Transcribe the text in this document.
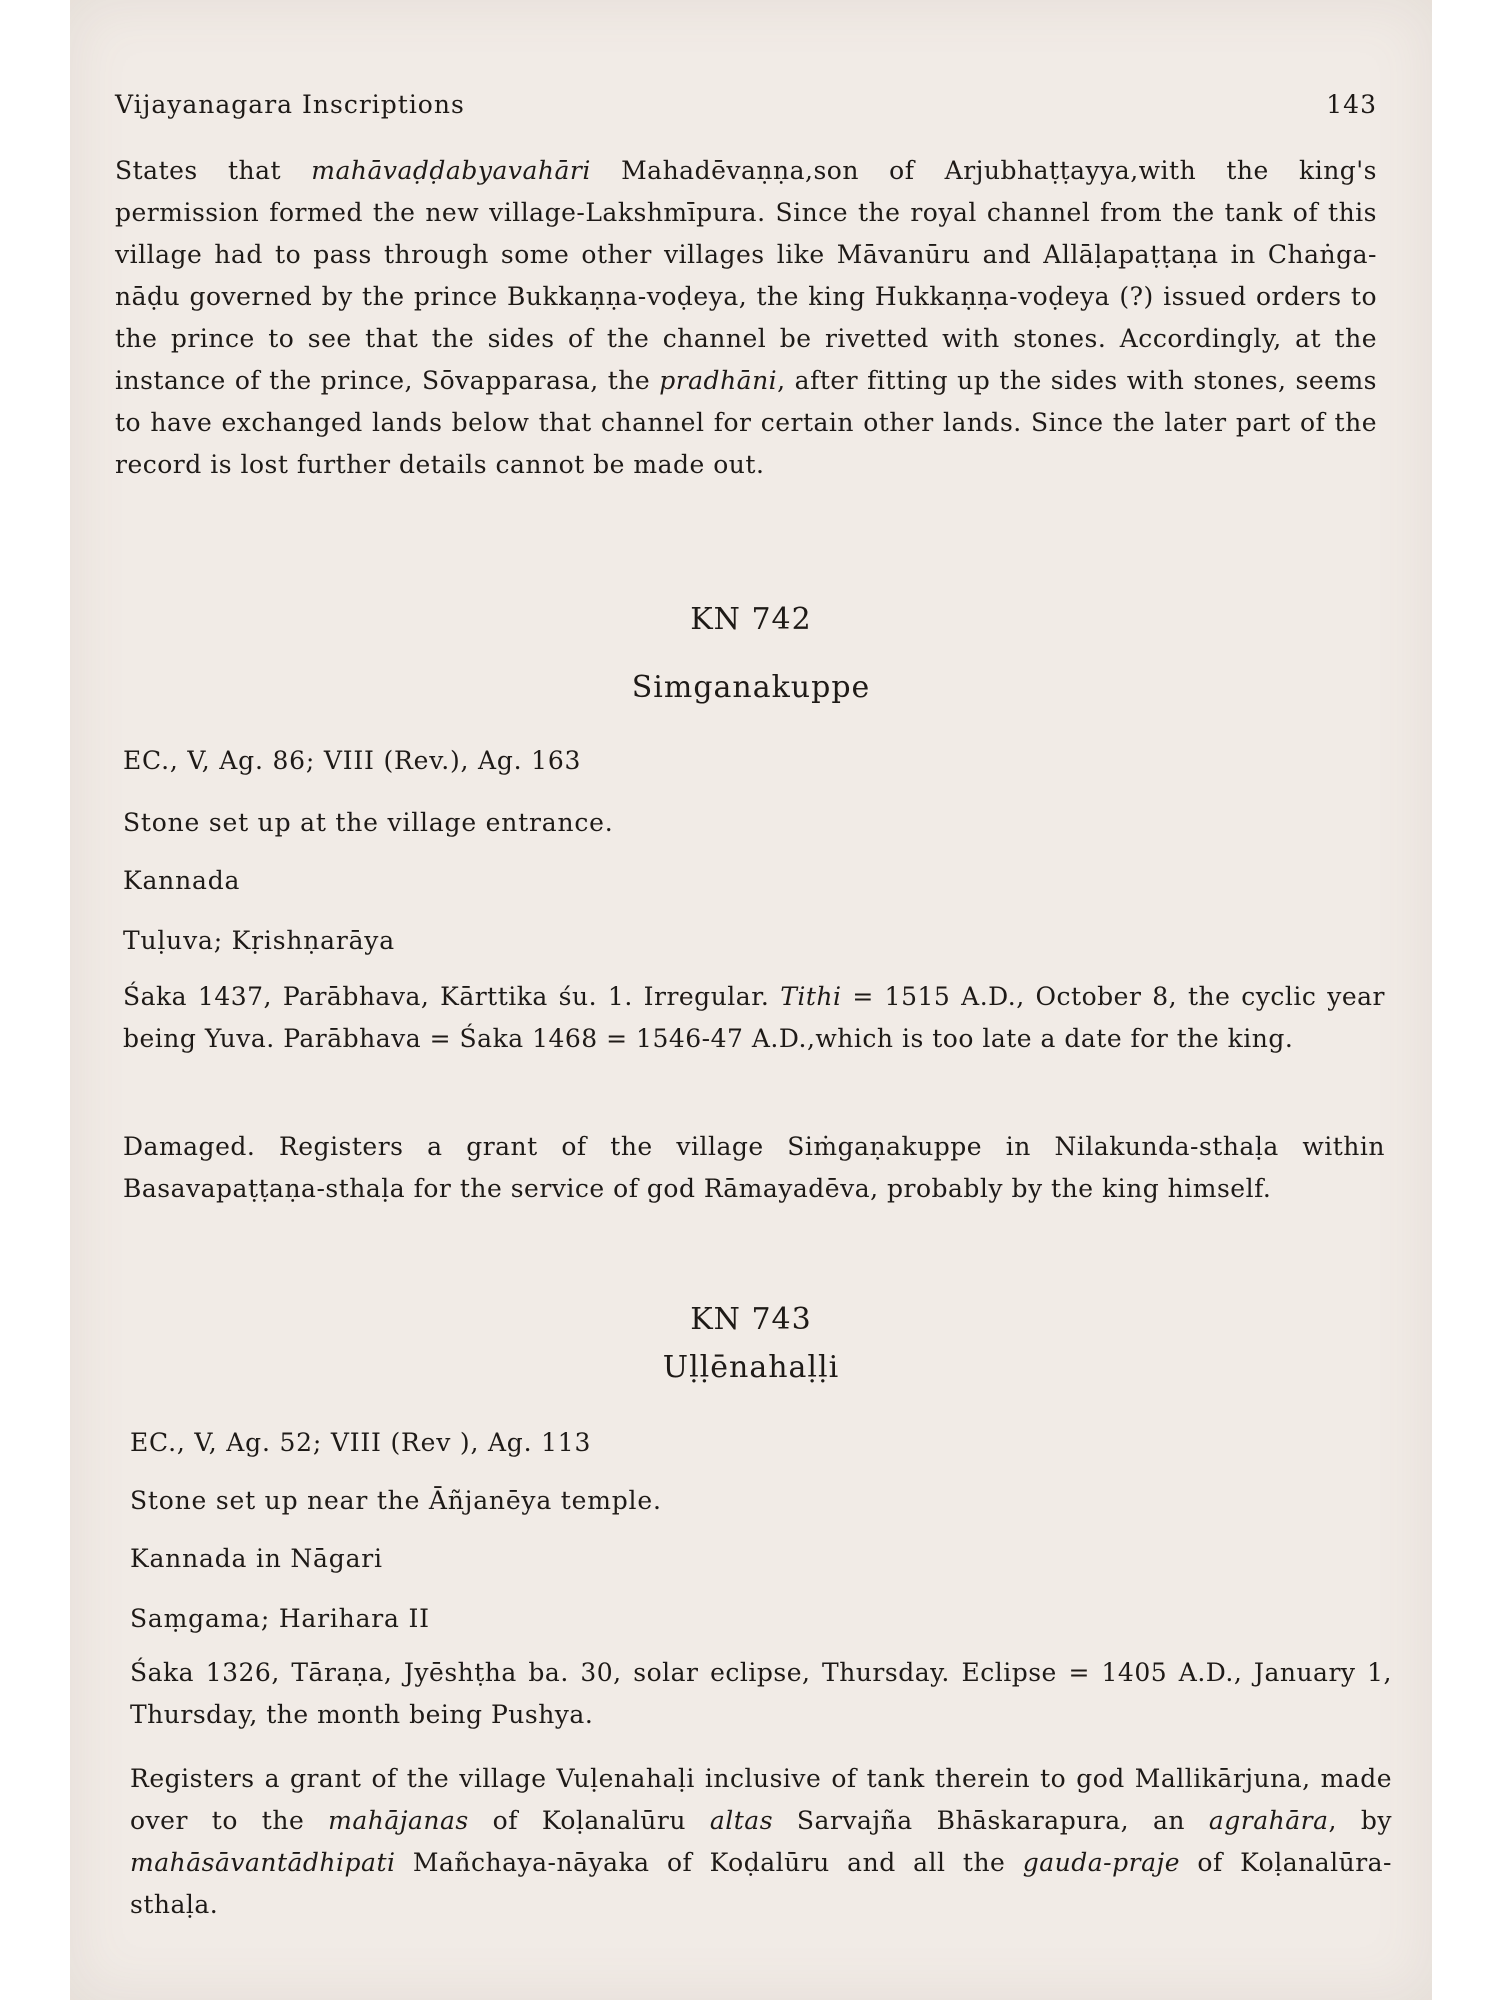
Vijayanagara Inscriptions	143

States that mahāvaḍḍabyavahāri Mahadēvaṇṇa,son of Arjubhaṭṭayya,with the king's permission formed the new village-Lakshmīpura. Since the royal channel from the tank of this village had to pass through some other villages like Māvanūru and Allāḷapaṭṭaṇa in Chaṅga-nāḍu governed by the prince Bukkaṇṇa-voḍeya, the king Hukkaṇṇa-voḍeya (?) issued orders to the prince to see that the sides of the channel be rivetted with stones. Accordingly, at the instance of the prince, Sōvapparasa, the pradhāni, after fitting up the sides with stones, seems to have exchanged lands below that channel for certain other lands. Since the later part of the record is lost further details cannot be made out.

KN 742
Simganakuppe

EC., V, Ag. 86; VIII (Rev.), Ag. 163

Stone set up at the village entrance.

Kannada

Tuḷuva; Kṛishṇarāya

Śaka 1437, Parābhava, Kārttika śu. 1. Irregular. Tithi = 1515 A.D., October 8, the cyclic year being Yuva. Parābhava = Śaka 1468 = 1546-47 A.D.,which is too late a date for the king.

Damaged. Registers a grant of the village Siṁgaṇakuppe in Nilakunda-sthaḷa within Basavapaṭṭaṇa-sthaḷa for the service of god Rāmayadēva, probably by the king himself.

KN 743
Uḷḷēnahaḷḷi

EC., V, Ag. 52; VIII (Rev ), Ag. 113

Stone set up near the Āñjanēya temple.

Kannada in Nāgari

Saṃgama; Harihara II

Śaka 1326, Tāraṇa, Jyēshṭha ba. 30, solar eclipse, Thursday. Eclipse = 1405 A.D., January 1, Thursday, the month being Pushya.

Registers a grant of the village Vuḷenahaḷi inclusive of tank therein to god Mallikārjuna, made over to the mahājanas of Koḷanalūru altas Sarvajña Bhāskarapura, an agrahāra, by mahāsāvantādhipati Mañchaya-nāyaka of Koḍalūru and all the gauda-praje of Koḷanalūra-sthaḷa.
